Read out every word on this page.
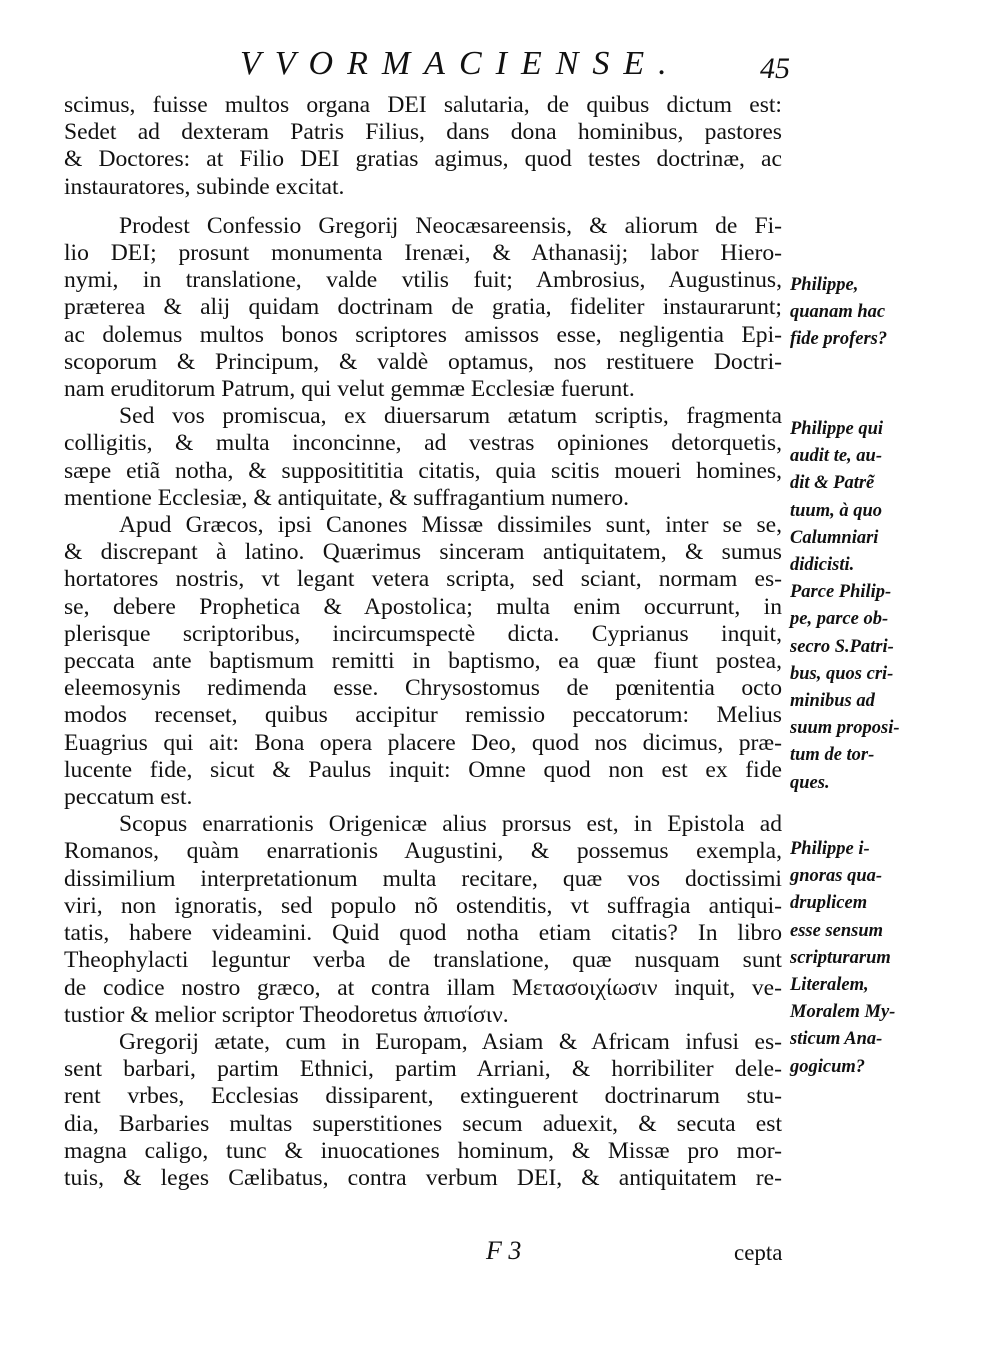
VVORMACIENSE.	45

scimus, fuisse multos organa DEI salutaria, de quibus dictum est:
Sedet ad dexteram Patris Filius, dans dona hominibus, pastores
& Doctores: at Filio DEI gratias agimus, quod testes doctrinæ, ac
instauratores, subinde excitat.

Prodest Confessio Gregorij Neocæsareensis, & aliorum de Fi-
lio DEI; prosunt monumenta Irenæi, & Athanasij; labor Hiero-
nymi, in translatione, valde vtilis fuit; Ambrosius, Augustinus,
præterea & alij quidam doctrinam de gratia, fideliter instaurarunt;
ac dolemus multos bonos scriptores amissos esse, negligentia Epi-
scoporum & Principum, & valdè optamus, nos restituere Doctri-
nam eruditorum Patrum, qui velut gemmæ Ecclesiæ fuerunt.

Sed vos promiscua, ex diuersarum ætatum scriptis, fragmenta
colligitis, & multa inconcinne, ad vestras opiniones detorquetis,
sæpe etiã notha, & suppositititia citatis, quia scitis moueri homines,
mentione Ecclesiæ, & antiquitate, & suffragantium numero.

Apud Græcos, ipsi Canones Missæ dissimiles sunt, inter se se,
& discrepant à latino. Quærimus sinceram antiquitatem, & sumus
hortatores nostris, vt legant vetera scripta, sed sciant, normam es-
se, debere Prophetica & Apostolica; multa enim occurrunt, in
plerisque scriptoribus, incircumspectè dicta. Cyprianus inquit,
peccata ante baptismum remitti in baptismo, ea quæ fiunt postea,
eleemosynis redimenda esse. Chrysostomus de pœnitentia octo
modos recenset, quibus accipitur remissio peccatorum: Melius
Euagrius qui ait: Bona opera placere Deo, quod nos dicimus, præ-
lucente fide, sicut & Paulus inquit: Omne quod non est ex fide
peccatum est.

Scopus enarrationis Origenicæ alius prorsus est, in Epistola ad
Romanos, quàm enarrationis Augustini, & possemus exempla,
dissimilium interpretationum multa recitare, quæ vos doctissimi
viri, non ignoratis, sed populo nõ ostenditis, vt suffragia antiqui-
tatis, habere videamini. Quid quod notha etiam citatis? In libro
Theophylacti leguntur verba de translatione, quæ nusquam sunt
de codice nostro græco, at contra illam Μετασοιχίωσιν inquit, ve-
tustior & melior scriptor Theodoretus ἀπισίσιν.

Gregorij ætate, cum in Europam, Asiam & Africam infusi es-
sent barbari, partim Ethnici, partim Arriani, & horribiliter dele-
rent vrbes, Ecclesias dissiparent, extinguerent doctrinarum stu-
dia, Barbaries multas superstitiones secum aduexit, & secuta est
magna caligo, tunc & inuocationes hominum, & Missæ pro mor-
tuis, & leges Cælibatus, contra verbum DEI, & antiquitatem re-

Philippe,
quanam hac
fide profers?
Philippe qui
audit te, au-
dit & Patrẽ
tuum, à quo
Calumniari
didicisti.
Parce Philip-
pe, parce ob-
secro S.Patri-
bus, quos cri-
minibus ad
suum proposi-
tum de tor-
ques.
Philippe i-
gnoras qua-
druplicem
esse sensum
scripturarum
Literalem,
Moralem My-
sticum Ana-
gogicum?
F 3	cepta
